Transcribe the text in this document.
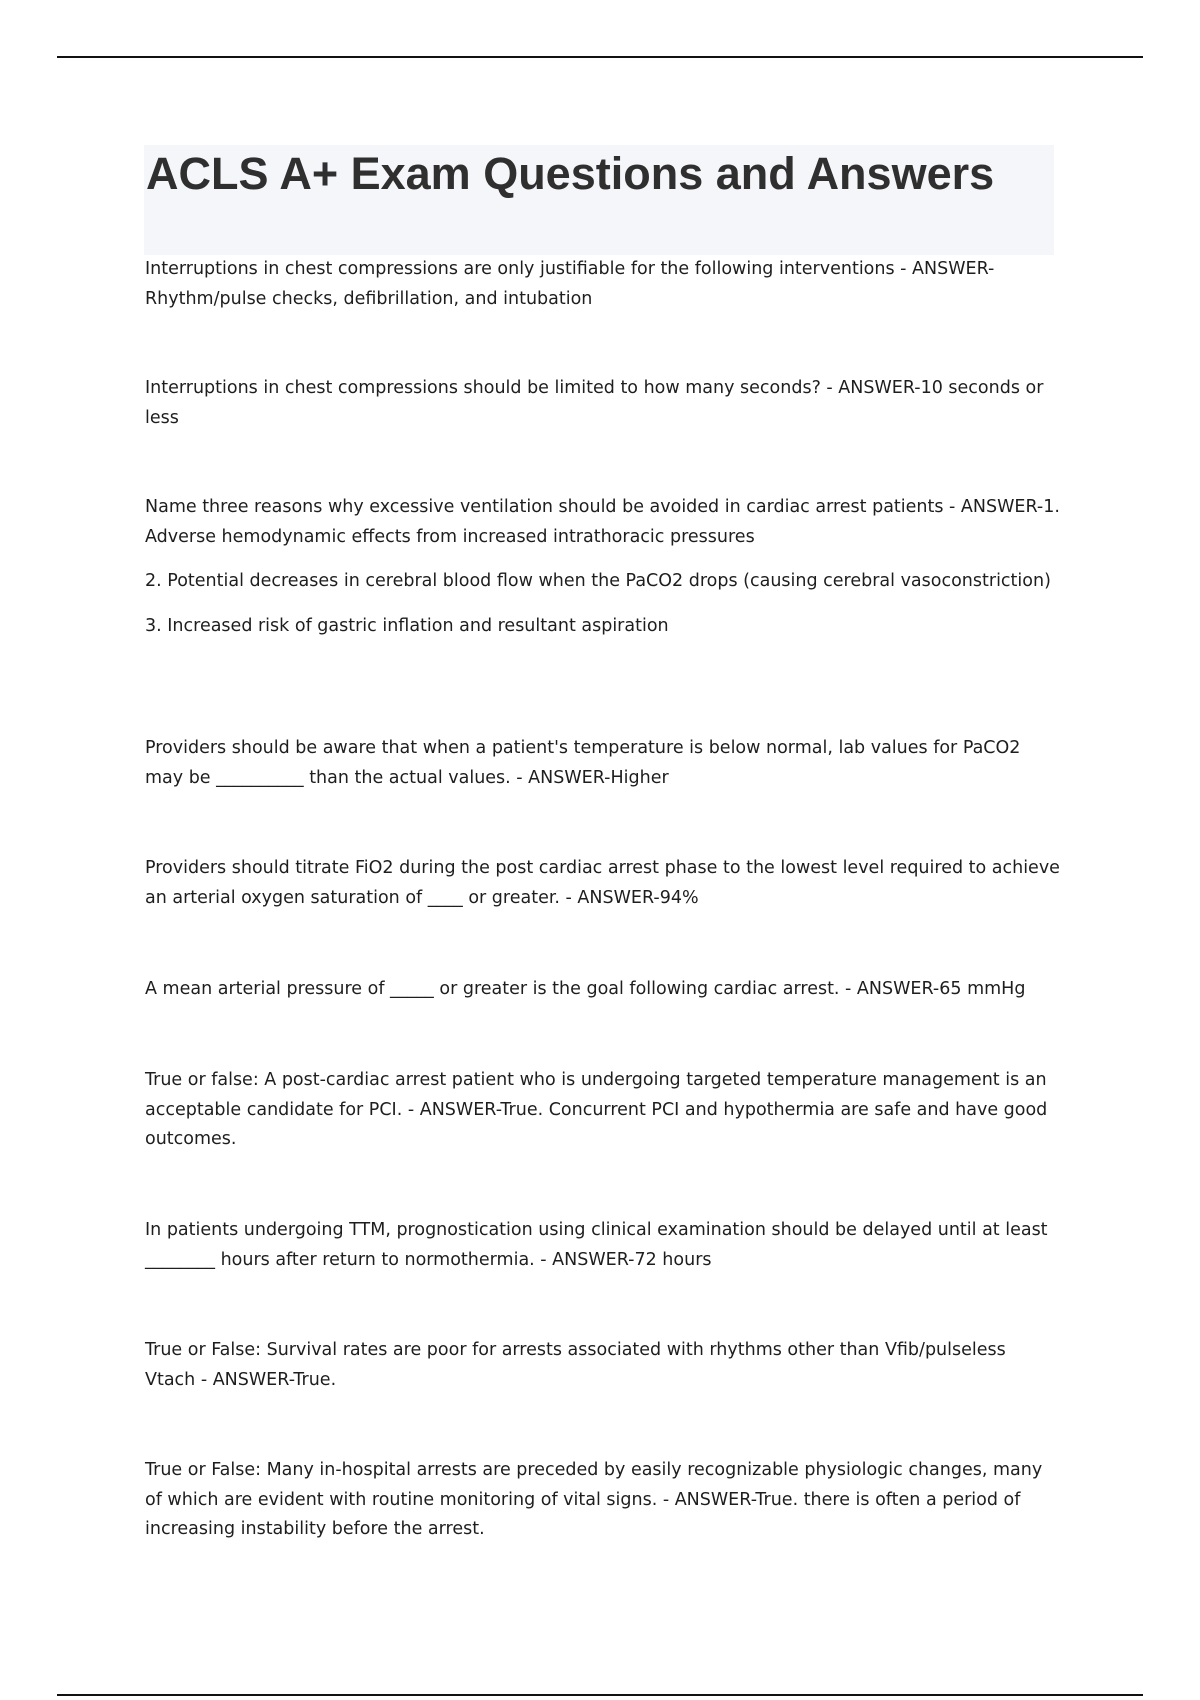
ACLS A+ Exam Questions and Answers

Interruptions in chest compressions are only justifiable for the following interventions - ANSWER-Rhythm/pulse checks, defibrillation, and intubation

Interruptions in chest compressions should be limited to how many seconds? - ANSWER-10 seconds or less

Name three reasons why excessive ventilation should be avoided in cardiac arrest patients - ANSWER-1. Adverse hemodynamic effects from increased intrathoracic pressures

2. Potential decreases in cerebral blood flow when the PaCO2 drops (causing cerebral vasoconstriction)

3. Increased risk of gastric inflation and resultant aspiration

Providers should be aware that when a patient's temperature is below normal, lab values for PaCO2 may be __________ than the actual values. - ANSWER-Higher

Providers should titrate FiO2 during the post cardiac arrest phase to the lowest level required to achieve an arterial oxygen saturation of ____ or greater. - ANSWER-94%

A mean arterial pressure of _____ or greater is the goal following cardiac arrest. - ANSWER-65 mmHg

True or false: A post-cardiac arrest patient who is undergoing targeted temperature management is an acceptable candidate for PCI. - ANSWER-True. Concurrent PCI and hypothermia are safe and have good outcomes.

In patients undergoing TTM, prognostication using clinical examination should be delayed until at least ________ hours after return to normothermia. - ANSWER-72 hours

True or False: Survival rates are poor for arrests associated with rhythms other than Vfib/pulseless Vtach - ANSWER-True.

True or False: Many in-hospital arrests are preceded by easily recognizable physiologic changes, many of which are evident with routine monitoring of vital signs. - ANSWER-True. there is often a period of increasing instability before the arrest.
